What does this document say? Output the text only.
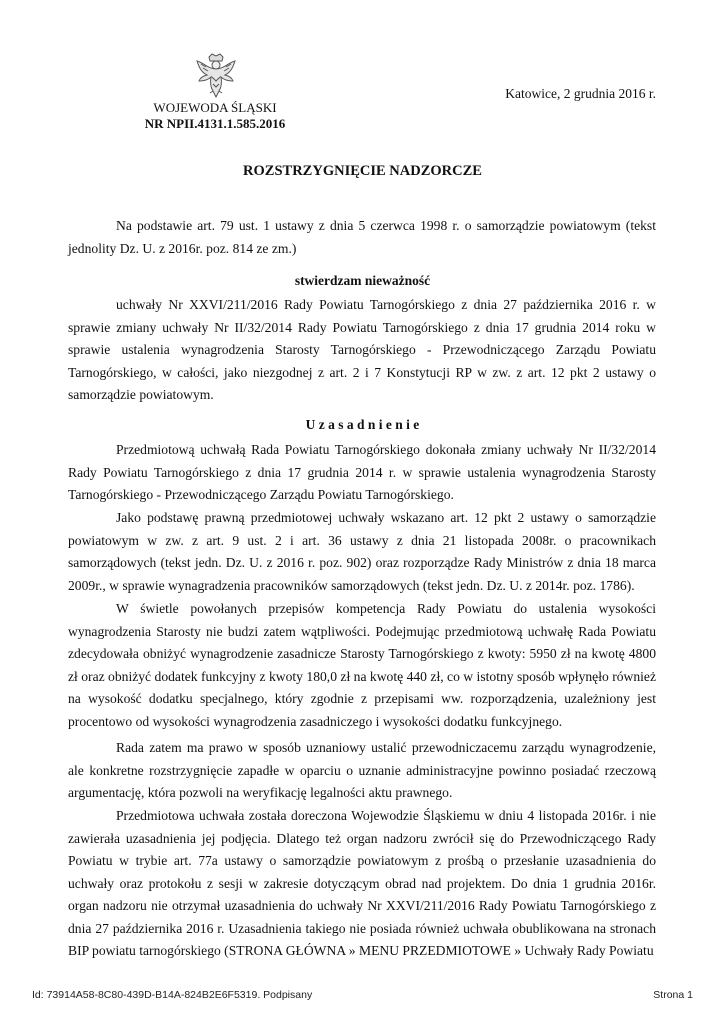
WOJEWODA ŚLĄSKI
NR NPII.4131.1.585.2016
Katowice, 2 grudnia 2016 r.
ROZSTRZYGNIĘCIE NADZORCZE
Na podstawie art. 79 ust. 1 ustawy z dnia 5 czerwca 1998 r. o samorządzie powiatowym (tekst jednolity Dz. U. z 2016r. poz. 814 ze zm.)
stwierdzam nieważność
uchwały Nr XXVI/211/2016 Rady Powiatu Tarnogórskiego z dnia 27 października 2016 r. w sprawie zmiany uchwały Nr II/32/2014 Rady Powiatu Tarnogórskiego z dnia 17 grudnia 2014 roku w sprawie ustalenia wynagrodzenia Starosty Tarnogórskiego - Przewodniczącego Zarządu Powiatu Tarnogórskiego, w całości, jako niezgodnej z art. 2 i 7 Konstytucji RP w zw. z art. 12 pkt 2 ustawy o samorządzie powiatowym.
U z a s a d n i e n i e
Przedmiotową uchwałą Rada Powiatu Tarnogórskiego dokonała zmiany uchwały Nr II/32/2014 Rady Powiatu Tarnogórskiego z dnia 17 grudnia 2014 r. w sprawie ustalenia wynagrodzenia Starosty Tarnogórskiego - Przewodniczącego Zarządu Powiatu Tarnogórskiego.
Jako podstawę prawną przedmiotowej uchwały wskazano art. 12 pkt 2 ustawy o samorządzie powiatowym w zw. z art. 9 ust. 2 i art. 36 ustawy z dnia 21 listopada 2008r. o pracownikach samorządowych (tekst jedn. Dz. U. z 2016 r. poz. 902) oraz rozporządze Rady Ministrów z dnia 18 marca 2009r., w sprawie wynagradzenia pracowników samorządowych (tekst jedn. Dz. U. z 2014r. poz. 1786).
W świetle powołanych przepisów kompetencja Rady Powiatu do ustalenia wysokości wynagrodzenia Starosty nie budzi zatem wątpliwości. Podejmując przedmiotową uchwałę Rada Powiatu zdecydowała obniżyć wynagrodzenie zasadnicze Starosty Tarnogórskiego z kwoty: 5950 zł na kwotę 4800 zł oraz obniżyć dodatek funkcyjny z kwoty 180,0 zł na kwotę 440 zł, co w istotny sposób wpłynęło również na wysokość dodatku specjalnego, który zgodnie z przepisami ww. rozporządzenia, uzależniony jest procentowo od wysokości wynagrodzenia zasadniczego i wysokości dodatku funkcyjnego.
Rada zatem ma prawo w sposób uznaniowy ustalić przewodniczacemu zarządu wynagrodzenie, ale konkretne rozstrzygnięcie zapadłe w oparciu o uznanie administracyjne powinno posiadać rzeczową argumentację, która pozwoli na weryfikację legalności aktu prawnego.
Przedmiotowa uchwała została doreczona Wojewodzie Śląskiemu w dniu 4 listopada 2016r. i nie zawierała uzasadnienia jej podjęcia. Dlatego też organ nadzoru zwrócił się do Przewodniczącego Rady Powiatu w trybie art. 77a ustawy o samorządzie powiatowym z prośbą o przesłanie uzasadnienia do uchwały oraz protokołu z sesji w zakresie dotyczącym obrad nad projektem. Do dnia 1 grudnia 2016r. organ nadzoru nie otrzymał uzasadnienia do uchwały Nr XXVI/211/2016 Rady Powiatu Tarnogórskiego z dnia 27 października 2016 r. Uzasadnienia takiego nie posiada również uchwała obublikowana na stronach BIP powiatu tarnogórskiego (STRONA GŁÓWNA » MENU PRZEDMIOTOWE » Uchwały Rady Powiatu
Id: 73914A58-8C80-439D-B14A-824B2E6F5319. Podpisany	Strona 1
